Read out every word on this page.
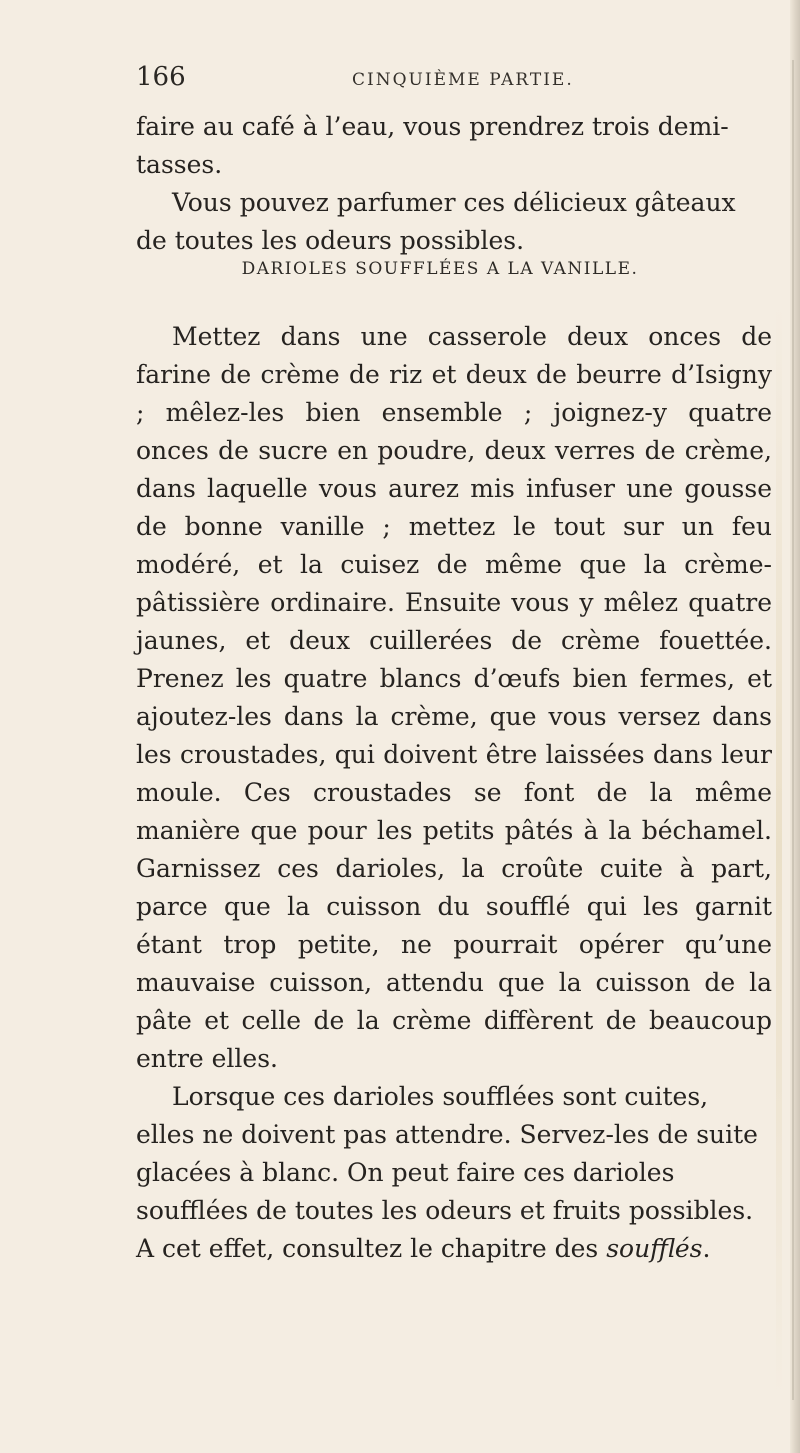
166	CINQUIÈME PARTIE.

faire au café à l’eau, vous prendrez trois demi-tasses.

Vous pouvez parfumer ces délicieux gâteaux de toutes les odeurs possibles.

DARIOLES SOUFFLÉES A LA VANILLE.

Mettez dans une casserole deux onces de farine de crème de riz et deux de beurre d’Isigny ; mêlez-les bien ensemble ; joignez-y quatre onces de sucre en poudre, deux verres de crème, dans laquelle vous aurez mis infuser une gousse de bonne vanille ; mettez le tout sur un feu modéré, et la cuisez de même que la crème-pâtissière ordinaire. Ensuite vous y mêlez quatre jaunes, et deux cuillerées de crème fouettée. Prenez les quatre blancs d’œufs bien fermes, et ajoutez-les dans la crème, que vous versez dans les croustades, qui doivent être laissées dans leur moule. Ces croustades se font de la même manière que pour les petits pâtés à la béchamel. Garnissez ces darioles, la croûte cuite à part, parce que la cuisson du soufflé qui les garnit étant trop petite, ne pourrait opérer qu’une mauvaise cuisson, attendu que la cuisson de la pâte et celle de la crème diffèrent de beaucoup entre elles.

Lorsque ces darioles soufflées sont cuites, elles ne doivent pas attendre. Servez-les de suite glacées à blanc. On peut faire ces darioles soufflées de toutes les odeurs et fruits possibles. A cet effet, consultez le chapitre des soufflés.
